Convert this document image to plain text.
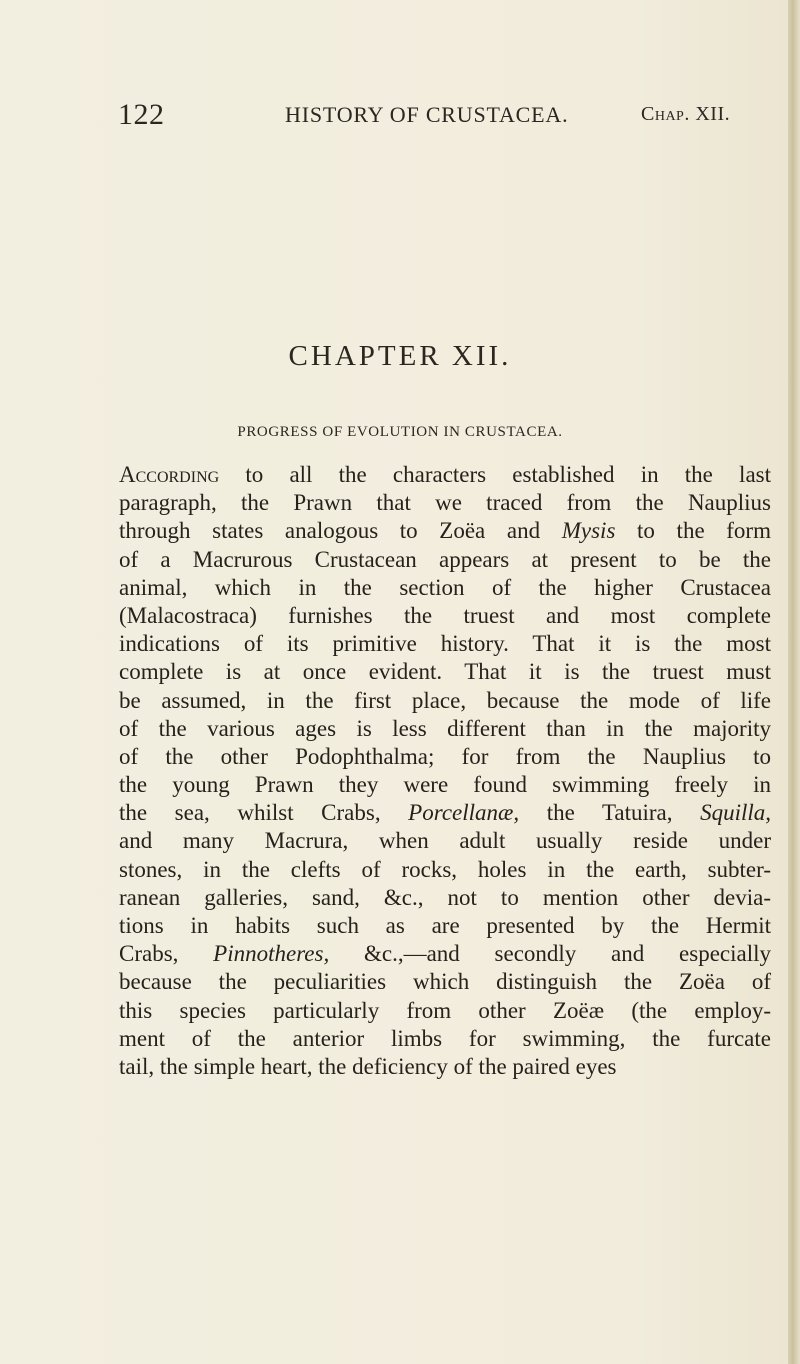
122	HISTORY OF CRUSTACEA.	Chap. XII.
CHAPTER XII.
PROGRESS OF EVOLUTION IN CRUSTACEA.
According to all the characters established in the last
paragraph, the Prawn that we traced from the Nauplius
through states analogous to Zoëa and Mysis to the form
of a Macrurous Crustacean appears at present to be the
animal, which in the section of the higher Crustacea
(Malacostraca) furnishes the truest and most complete
indications of its primitive history. That it is the most
complete is at once evident. That it is the truest must
be assumed, in the first place, because the mode of life
of the various ages is less different than in the majority
of the other Podophthalma; for from the Nauplius to
the young Prawn they were found swimming freely in
the sea, whilst Crabs, Porcellanæ, the Tatuira, Squilla,
and many Macrura, when adult usually reside under
stones, in the clefts of rocks, holes in the earth, subter-
ranean galleries, sand, &c., not to mention other devia-
tions in habits such as are presented by the Hermit
Crabs, Pinnotheres, &c.,—and secondly and especially
because the peculiarities which distinguish the Zoëa of
this species particularly from other Zoëæ (the employ-
ment of the anterior limbs for swimming, the furcate
tail, the simple heart, the deficiency of the paired eyes
